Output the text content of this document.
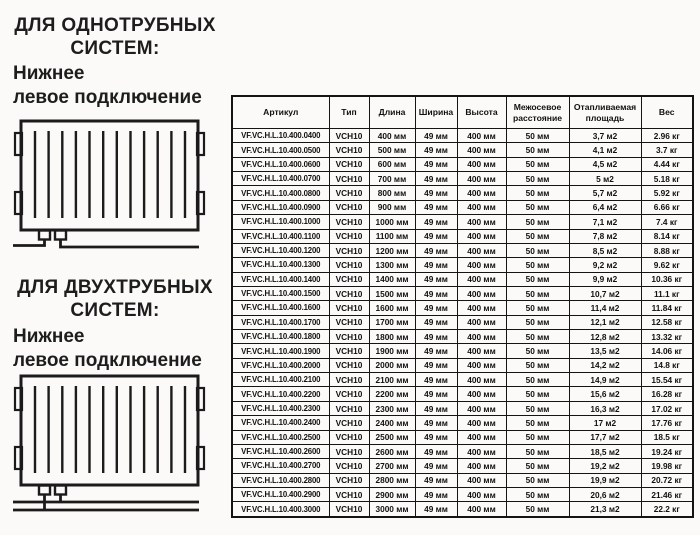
ДЛЯ ОДНОТРУБНЫХ
СИСТЕМ:
Нижнее
левое подключение
ДЛЯ ДВУХТРУБНЫХ
СИСТЕМ:
Нижнее
левое подключение
Артикул	Тип	Длина	Ширина	Высота	Межосевое расстояние	Отапливаемая площадь	Вес
VF.VC.H.L.10.400.0400	VCH10	400 мм	49 мм	400 мм	50 мм	3,7 м2	2.96 кг
VF.VC.H.L.10.400.0500	VCH10	500 мм	49 мм	400 мм	50 мм	4,1 м2	3.7 кг
VF.VC.H.L.10.400.0600	VCH10	600 мм	49 мм	400 мм	50 мм	4,5 м2	4.44 кг
VF.VC.H.L.10.400.0700	VCH10	700 мм	49 мм	400 мм	50 мм	5 м2	5.18 кг
VF.VC.H.L.10.400.0800	VCH10	800 мм	49 мм	400 мм	50 мм	5,7 м2	5.92 кг
VF.VC.H.L.10.400.0900	VCH10	900 мм	49 мм	400 мм	50 мм	6,4 м2	6.66 кг
VF.VC.H.L.10.400.1000	VCH10	1000 мм	49 мм	400 мм	50 мм	7,1 м2	7.4 кг
VF.VC.H.L.10.400.1100	VCH10	1100 мм	49 мм	400 мм	50 мм	7,8 м2	8.14 кг
VF.VC.H.L.10.400.1200	VCH10	1200 мм	49 мм	400 мм	50 мм	8,5 м2	8.88 кг
VF.VC.H.L.10.400.1300	VCH10	1300 мм	49 мм	400 мм	50 мм	9,2 м2	9.62 кг
VF.VC.H.L.10.400.1400	VCH10	1400 мм	49 мм	400 мм	50 мм	9,9 м2	10.36 кг
VF.VC.H.L.10.400.1500	VCH10	1500 мм	49 мм	400 мм	50 мм	10,7 м2	11.1 кг
VF.VC.H.L.10.400.1600	VCH10	1600 мм	49 мм	400 мм	50 мм	11,4 м2	11.84 кг
VF.VC.H.L.10.400.1700	VCH10	1700 мм	49 мм	400 мм	50 мм	12,1 м2	12.58 кг
VF.VC.H.L.10.400.1800	VCH10	1800 мм	49 мм	400 мм	50 мм	12,8 м2	13.32 кг
VF.VC.H.L.10.400.1900	VCH10	1900 мм	49 мм	400 мм	50 мм	13,5 м2	14.06 кг
VF.VC.H.L.10.400.2000	VCH10	2000 мм	49 мм	400 мм	50 мм	14,2 м2	14.8 кг
VF.VC.H.L.10.400.2100	VCH10	2100 мм	49 мм	400 мм	50 мм	14,9 м2	15.54 кг
VF.VC.H.L.10.400.2200	VCH10	2200 мм	49 мм	400 мм	50 мм	15,6 м2	16.28 кг
VF.VC.H.L.10.400.2300	VCH10	2300 мм	49 мм	400 мм	50 мм	16,3 м2	17.02 кг
VF.VC.H.L.10.400.2400	VCH10	2400 мм	49 мм	400 мм	50 мм	17 м2	17.76 кг
VF.VC.H.L.10.400.2500	VCH10	2500 мм	49 мм	400 мм	50 мм	17,7 м2	18.5 кг
VF.VC.H.L.10.400.2600	VCH10	2600 мм	49 мм	400 мм	50 мм	18,5 м2	19.24 кг
VF.VC.H.L.10.400.2700	VCH10	2700 мм	49 мм	400 мм	50 мм	19,2 м2	19.98 кг
VF.VC.H.L.10.400.2800	VCH10	2800 мм	49 мм	400 мм	50 мм	19,9 м2	20.72 кг
VF.VC.H.L.10.400.2900	VCH10	2900 мм	49 мм	400 мм	50 мм	20,6 м2	21.46 кг
VF.VC.H.L.10.400.3000	VCH10	3000 мм	49 мм	400 мм	50 мм	21,3 м2	22.2 кг
